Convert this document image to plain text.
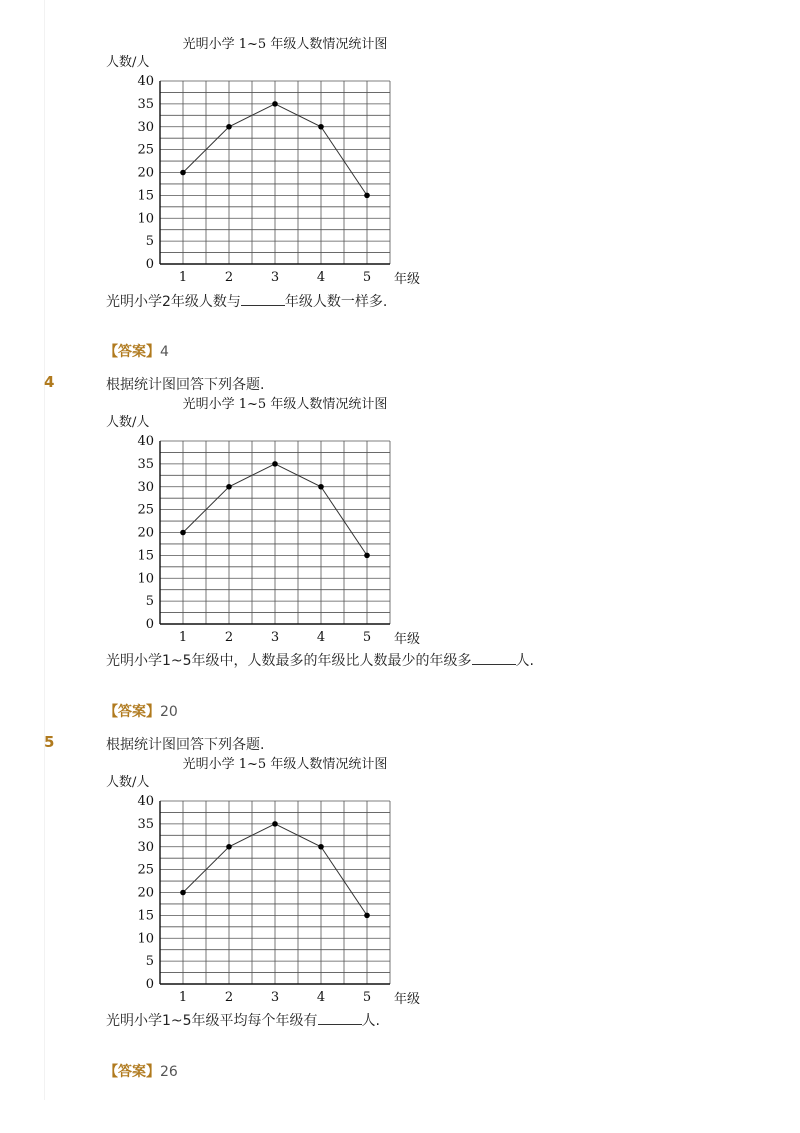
光明小学 1~5 年级人数情况统计图
人数/人
0
5
10
15
20
25
30
35
40
1	2	3	4	5 年级
光明小学2年级人数与	年级人数一样多.
【答案】4
4	根据统计图回答下列各题.
光明小学 1~5 年级人数情况统计图
人数/人
0
5
10
15
20
25
30
35
40
1	2	3	4	5 年级
光明小学1~5年级中，人数最多的年级比人数最少的年级多	人.
【答案】20
5	根据统计图回答下列各题.
光明小学 1~5 年级人数情况统计图
人数/人
0
5
10
15
20
25
30
35
40
1	2	3	4	5 年级
光明小学1~5年级平均每个年级有	人.
【答案】26
